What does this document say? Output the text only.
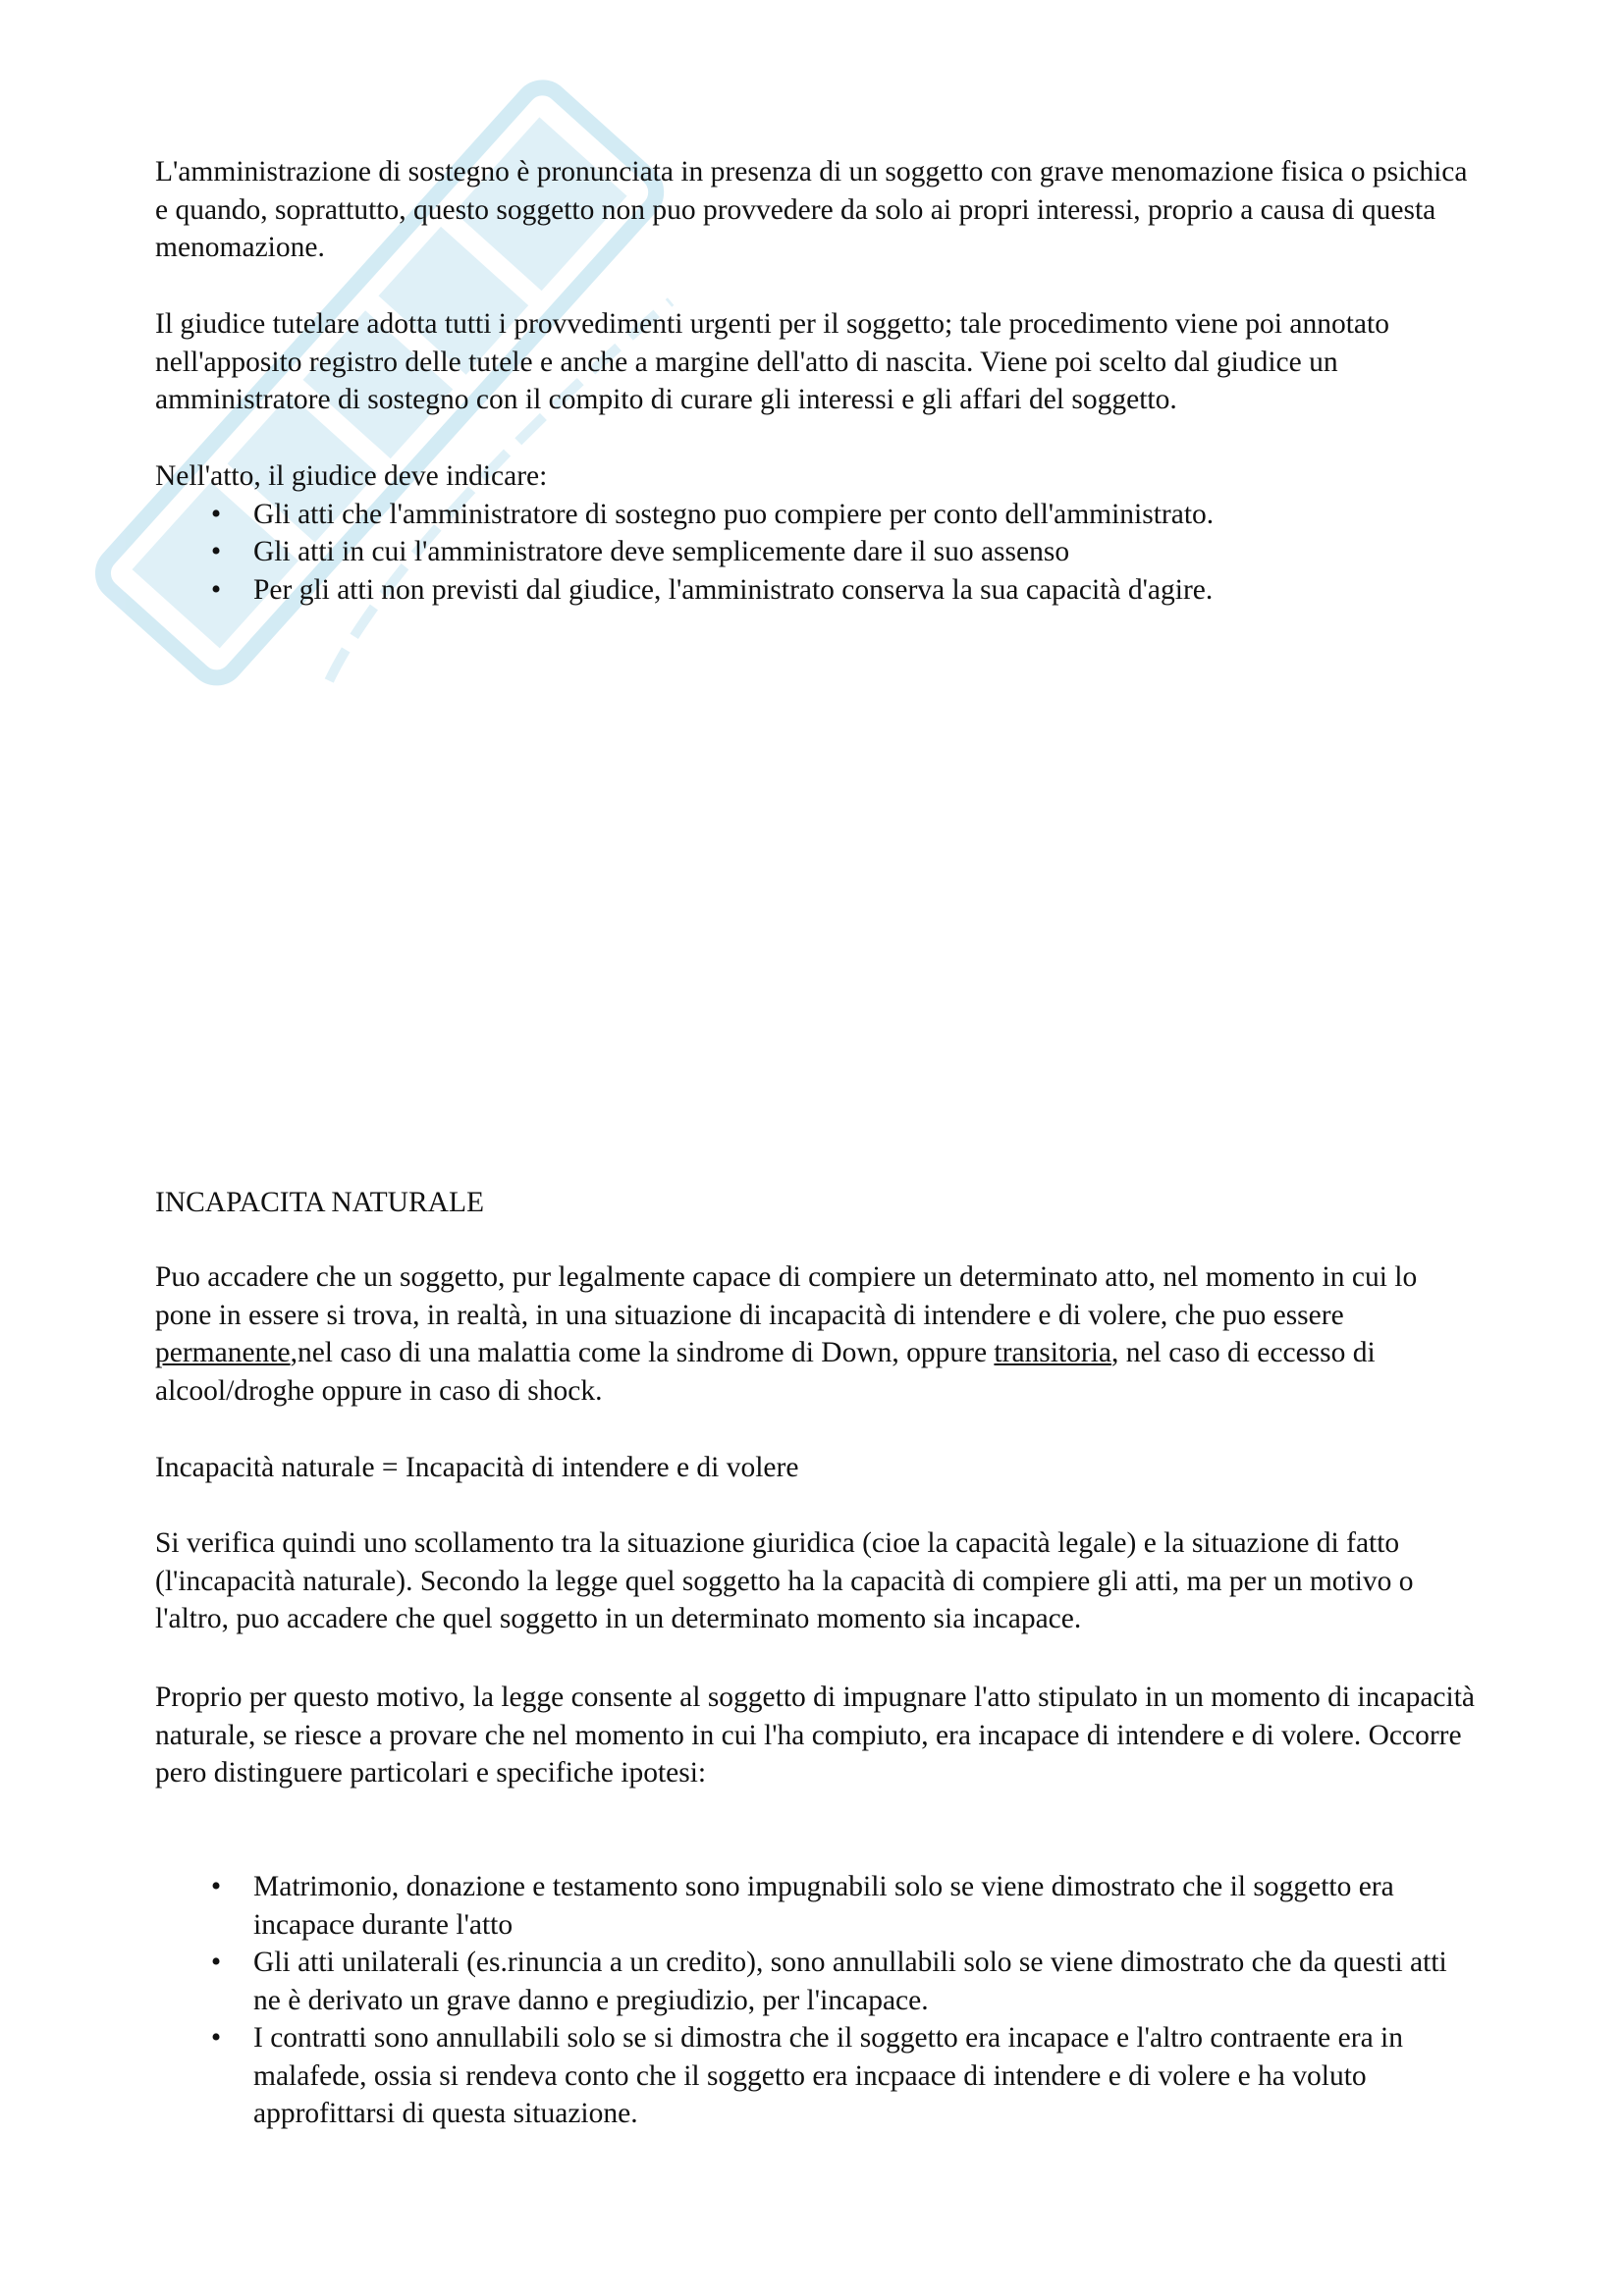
L'amministrazione di sostegno è pronunciata in presenza di un soggetto con grave menomazione fisica o psichica e quando, soprattutto, questo soggetto non puo provvedere da solo ai propri interessi, proprio a causa di questa menomazione.

Il giudice tutelare adotta tutti i provvedimenti urgenti per il soggetto; tale procedimento viene poi annotato nell'apposito registro delle tutele e anche a margine dell'atto di nascita. Viene poi scelto dal giudice un amministratore di sostegno con il compito di curare gli interessi e gli affari del soggetto.

Nell'atto, il giudice deve indicare:

• Gli atti che l'amministratore di sostegno puo compiere per conto dell'amministrato.
• Gli atti in cui l'amministratore deve semplicemente dare il suo assenso
• Per gli atti non previsti dal giudice, l'amministrato conserva la sua capacità d'agire.

INCAPACITA NATURALE

Puo accadere che un soggetto, pur legalmente capace di compiere un determinato atto, nel momento in cui lo pone in essere si trova, in realtà, in una situazione di incapacità di intendere e di volere, che puo essere permanente,nel caso di una malattia come la sindrome di Down, oppure transitoria, nel caso di eccesso di alcool/droghe oppure in caso di shock.

Incapacità naturale = Incapacità di intendere e di volere

Si verifica quindi uno scollamento tra la situazione giuridica (cioe la capacità legale) e la situazione di fatto (l'incapacità naturale). Secondo la legge quel soggetto ha la capacità di compiere gli atti, ma per un motivo o l'altro, puo accadere che quel soggetto in un determinato momento sia incapace.

Proprio per questo motivo, la legge consente al soggetto di impugnare l'atto stipulato in un momento di incapacità naturale, se riesce a provare che nel momento in cui l'ha compiuto, era incapace di intendere e di volere. Occorre pero distinguere particolari e specifiche ipotesi:

• Matrimonio, donazione e testamento sono impugnabili solo se viene dimostrato che il soggetto era incapace durante l'atto
• Gli atti unilaterali (es.rinuncia a un credito), sono annullabili solo se viene dimostrato che da questi atti ne è derivato un grave danno e pregiudizio, per l'incapace.
• I contratti sono annullabili solo se si dimostra che il soggetto era incapace e l'altro contraente era in malafede, ossia si rendeva conto che il soggetto era incpaace di intendere e di volere e ha voluto approfittarsi di questa situazione.
